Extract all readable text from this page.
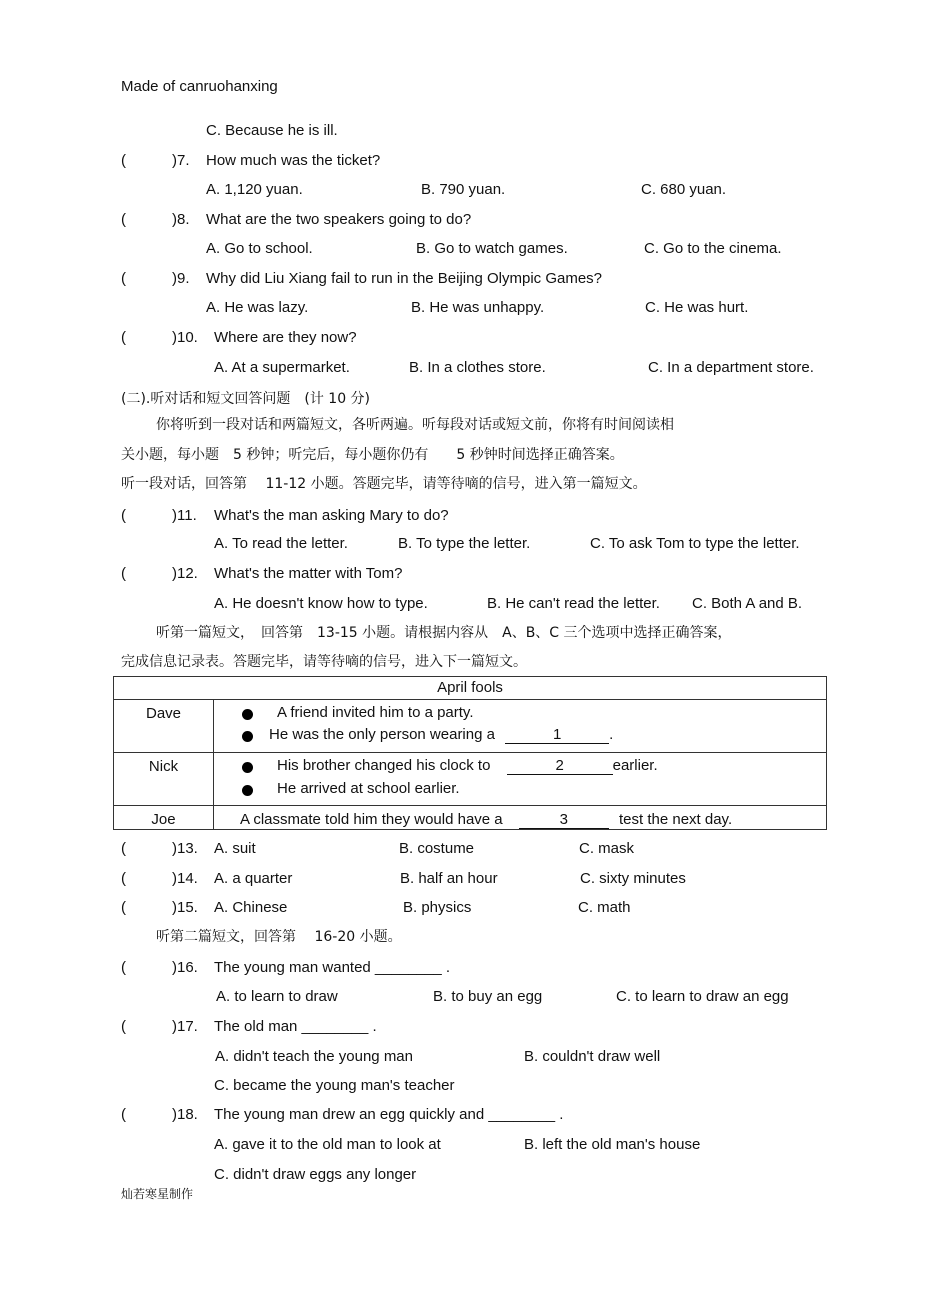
Made of canruohanxing
C. Because he is ill.
(	)7. How much was the ticket?
A. 1,120 yuan.	B. 790 yuan.	C. 680 yuan.
(	)8. What are the two speakers going to do?
A. Go to school.	B. Go to watch games.	C. Go to the cinema.
(	)9. Why did Liu Xiang fail to run in the Beijing Olympic Games?
A. He was lazy.	B. He was unhappy.	C. He was hurt.
(	)10. Where are they now?
A. At a supermarket.	B. In a clothes store.	C. In a department store.
(二).听对话和短文回答问题　(计 10 分)
你将听到一段对话和两篇短文，各听两遍。听每段对话或短文前，你将有时间阅读相
关小题，每小题　5 秒钟；听完后，每小题你仍有　　5 秒钟时间选择正确答案。
听一段对话，回答第　 11-12 小题。答题完毕，请等待嘀的信号，进入第一篇短文。
(	)11. What's the man asking Mary to do?
A. To read the letter.	B. To type the letter.	C. To ask Tom to type the letter.
(	)12. What's the matter with Tom?
A. He doesn't know how to type.	B. He can't read the letter. C. Both A and B.
听第一篇短文，　回答第　13-15 小题。请根据内容从　A、B、C 三个选项中选择正确答案，
完成信息记录表。答题完毕，请等待嘀的信号，进入下一篇短文。
April fools	
Dave	A friend invited him to a party.
He was the only person wearing a 1 .

Nick	His brother changed his clock to 2 earlier.
He arrived at school earlier.

Joe	A classmate told him they would have a 3 test the next day.
(	)13. A. suit	B. costume	C. mask
(	)14. A. a quarter	B. half an hour	C. sixty minutes
(	)15. A. Chinese	B. physics	C. math
听第二篇短文，回答第　 16-20 小题。
(	)16. The young man wanted ________ .
A. to learn to draw	B. to buy an egg	C. to learn to draw an egg
(	)17. The old man ________ .
A. didn't teach the young man	B. couldn't draw well
C. became the young man's teacher
(	)18. The young man drew an egg quickly and ________ .
A. gave it to the old man to look at	B. left the old man's house
C. didn't draw eggs any longer
灿若寒星制作
